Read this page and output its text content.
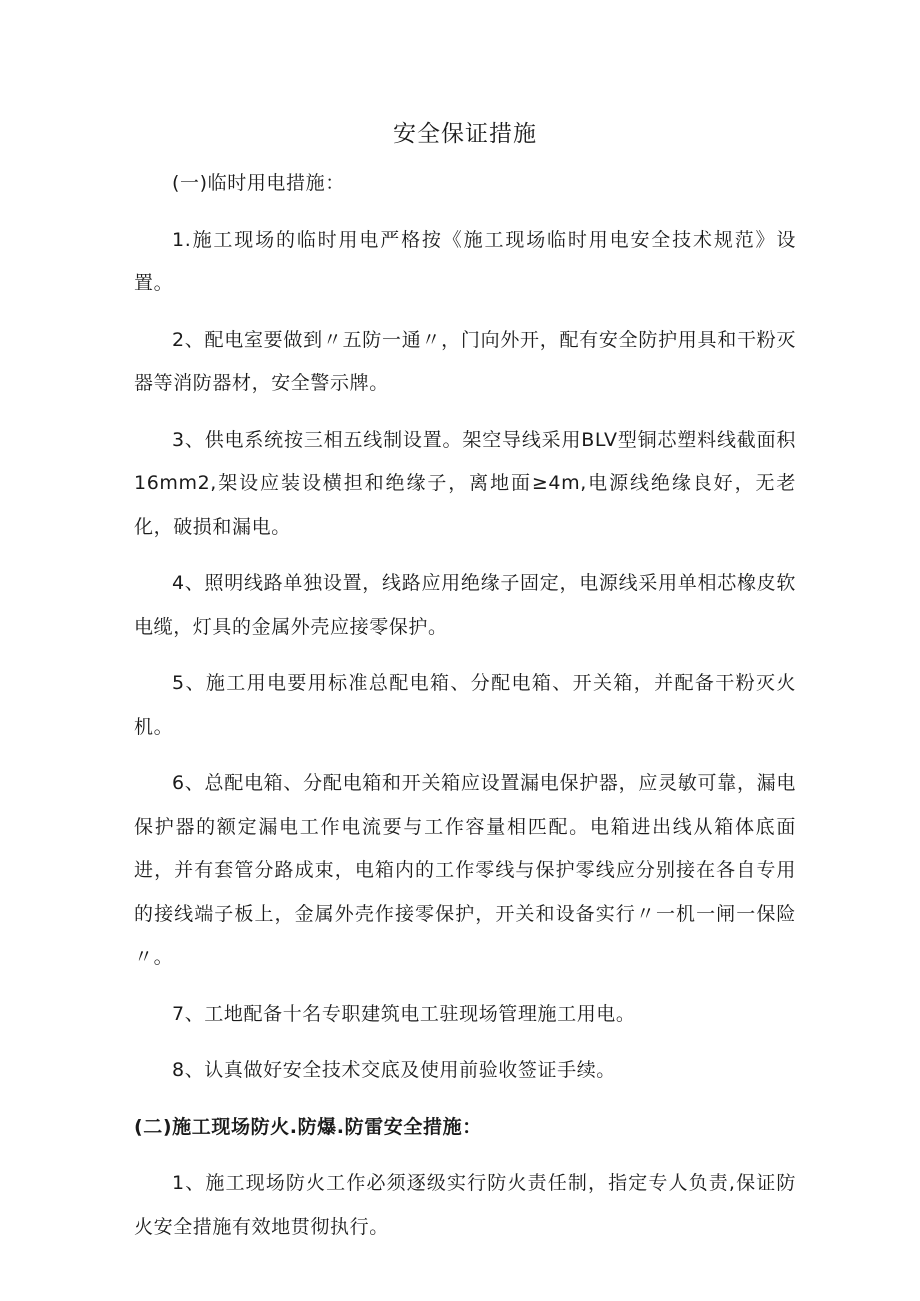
安全保证措施

(一)临时用电措施：

1.施工现场的临时用电严格按《施工现场临时用电安全技术规范》设置。

2、配电室要做到〃五防一通〃，门向外开，配有安全防护用具和干粉灭器等消防器材，安全警示牌。

3、供电系统按三相五线制设置。架空导线采用BLV型铜芯塑料线截面积16mm2,架设应装设横担和绝缘子，离地面≥4m,电源线绝缘良好，无老化，破损和漏电。

4、照明线路单独设置，线路应用绝缘子固定，电源线采用单相芯橡皮软电缆，灯具的金属外壳应接零保护。

5、施工用电要用标准总配电箱、分配电箱、开关箱，并配备干粉灭火机。

6、总配电箱、分配电箱和开关箱应设置漏电保护器，应灵敏可靠，漏电保护器的额定漏电工作电流要与工作容量相匹配。电箱进出线从箱体底面进，并有套管分路成束，电箱内的工作零线与保护零线应分别接在各自专用的接线端子板上，金属外壳作接零保护，开关和设备实行〃一机一闸一保险〃。

7、工地配备十名专职建筑电工驻现场管理施工用电。

8、认真做好安全技术交底及使用前验收签证手续。

(二)施工现场防火.防爆.防雷安全措施：

1、施工现场防火工作必须逐级实行防火责任制，指定专人负责,保证防火安全措施有效地贯彻执行。
